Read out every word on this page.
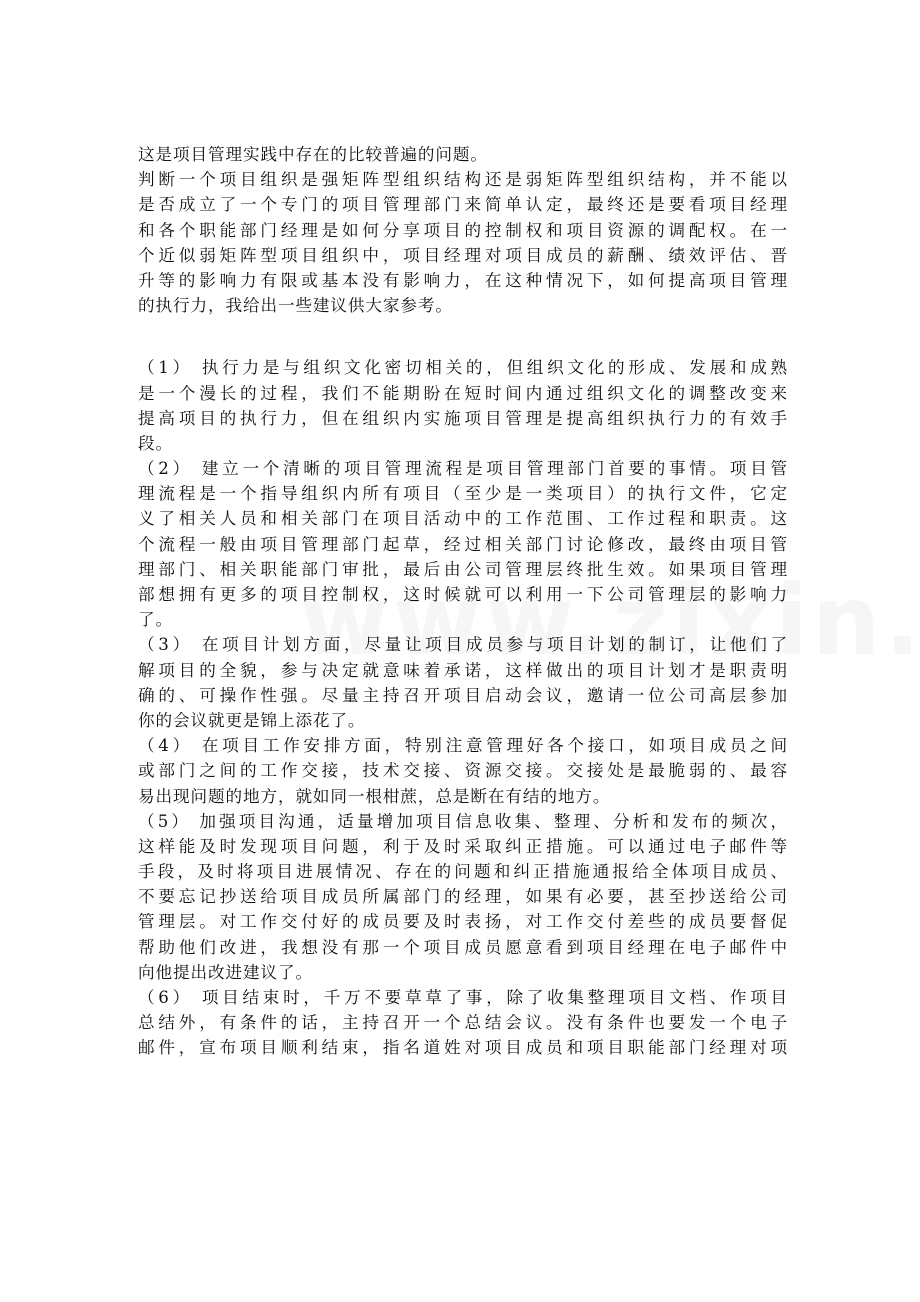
这是项目管理实践中存在的比较普遍的问题。
判断一个项目组织是强矩阵型组织结构还是弱矩阵型组织结构，并不能以
是否成立了一个专门的项目管理部门来简单认定，最终还是要看项目经理
和各个职能部门经理是如何分享项目的控制权和项目资源的调配权。在一
个近似弱矩阵型项目组织中，项目经理对项目成员的薪酬、绩效评估、晋
升等的影响力有限或基本没有影响力，在这种情况下，如何提高项目管理
的执行力，我给出一些建议供大家参考。
（1） 执行力是与组织文化密切相关的，但组织文化的形成、发展和成熟
是一个漫长的过程，我们不能期盼在短时间内通过组织文化的调整改变来
提高项目的执行力，但在组织内实施项目管理是提高组织执行力的有效手
段。
（2） 建立一个清晰的项目管理流程是项目管理部门首要的事情。项目管
理流程是一个指导组织内所有项目（至少是一类项目）的执行文件，它定
义了相关人员和相关部门在项目活动中的工作范围、工作过程和职责。这
个流程一般由项目管理部门起草，经过相关部门讨论修改，最终由项目管
理部门、相关职能部门审批，最后由公司管理层终批生效。如果项目管理
部想拥有更多的项目控制权，这时候就可以利用一下公司管理层的影响力
了。
（3） 在项目计划方面，尽量让项目成员参与项目计划的制订，让他们了
解项目的全貌，参与决定就意味着承诺，这样做出的项目计划才是职责明
确的、可操作性强。尽量主持召开项目启动会议，邀请一位公司高层参加
你的会议就更是锦上添花了。
（4） 在项目工作安排方面，特别注意管理好各个接口，如项目成员之间
或部门之间的工作交接，技术交接、资源交接。交接处是最脆弱的、最容
易出现问题的地方，就如同一根柑蔗，总是断在有结的地方。
（5） 加强项目沟通，适量增加项目信息收集、整理、分析和发布的频次，
这样能及时发现项目问题，利于及时采取纠正措施。可以通过电子邮件等
手段，及时将项目进展情况、存在的问题和纠正措施通报给全体项目成员、
不要忘记抄送给项目成员所属部门的经理，如果有必要，甚至抄送给公司
管理层。对工作交付好的成员要及时表扬，对工作交付差些的成员要督促
帮助他们改进，我想没有那一个项目成员愿意看到项目经理在电子邮件中
向他提出改进建议了。
（6） 项目结束时，千万不要草草了事，除了收集整理项目文档、作项目
总结外，有条件的话，主持召开一个总结会议。没有条件也要发一个电子
邮件，宣布项目顺利结束，指名道姓对项目成员和项目职能部门经理对项
